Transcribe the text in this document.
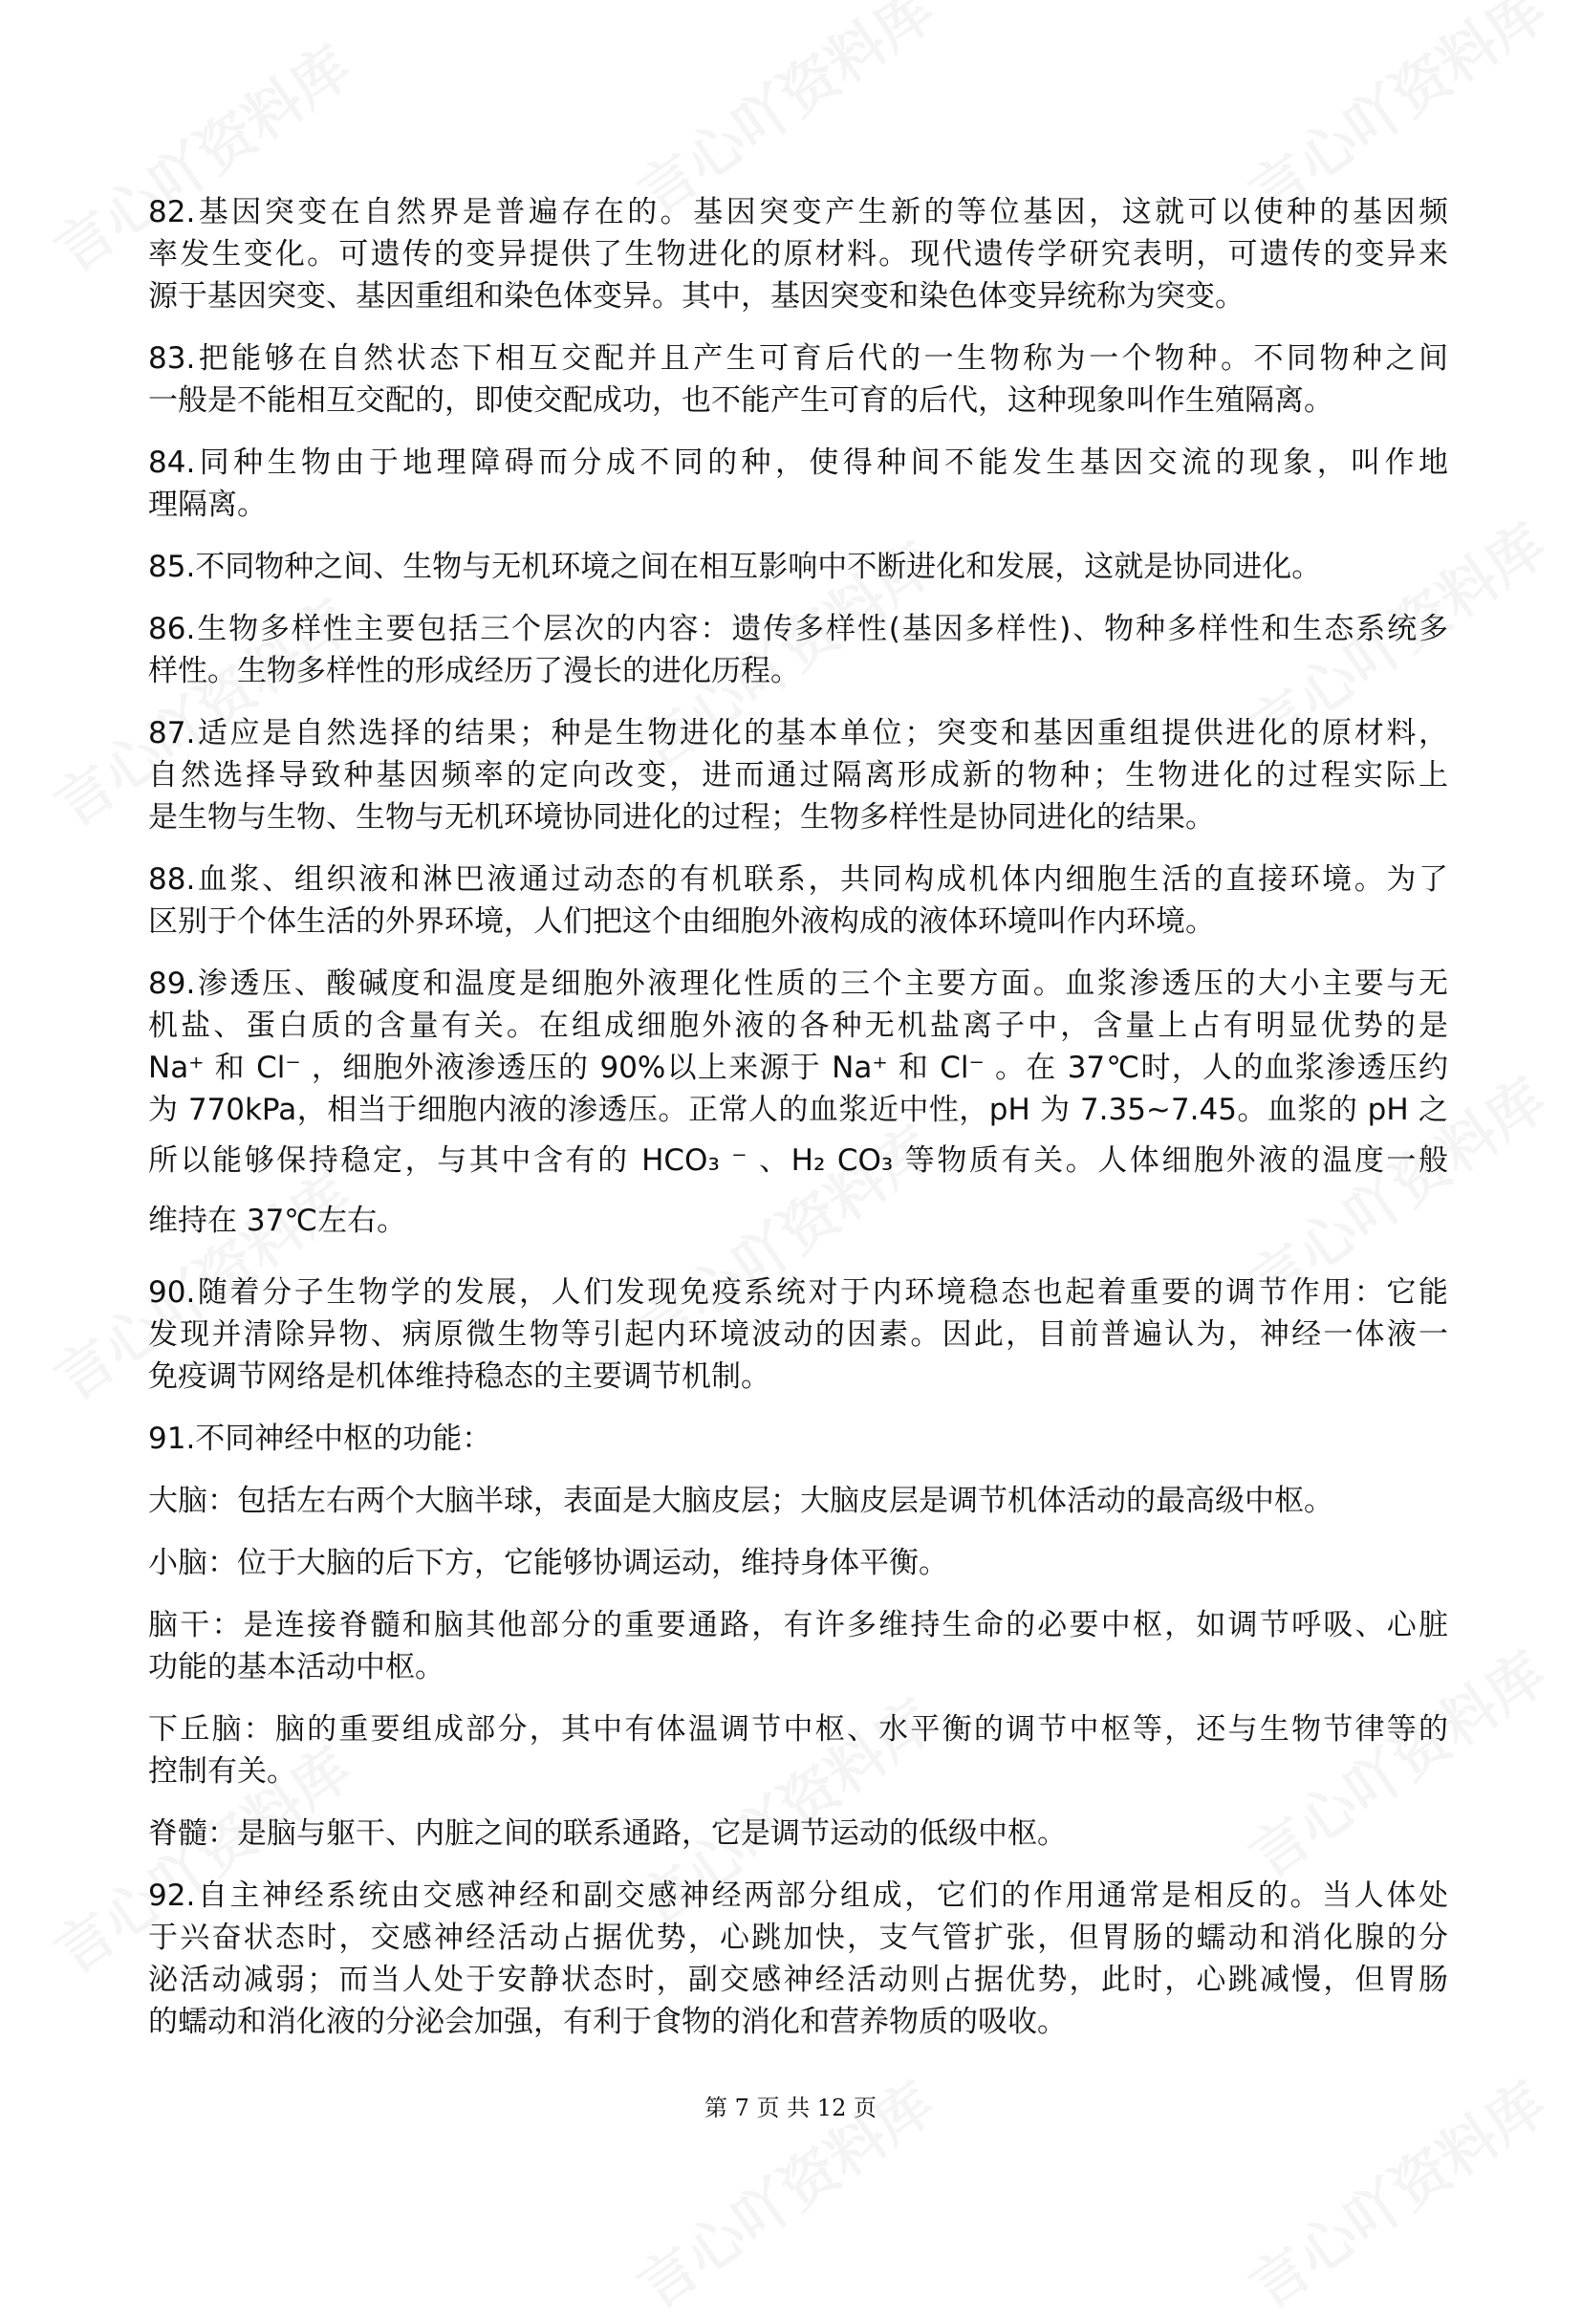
82.基因突变在自然界是普遍存在的。基因突变产生新的等位基因，这就可以使种的基因频
率发生变化。可遗传的变异提供了生物进化的原材料。现代遗传学研究表明，可遗传的变异来
源于基因突变、基因重组和染色体变异。其中，基因突变和染色体变异统称为突变。
83.把能够在自然状态下相互交配并且产生可育后代的一生物称为一个物种。不同物种之间
一般是不能相互交配的，即使交配成功，也不能产生可育的后代，这种现象叫作生殖隔离。
84.同种生物由于地理障碍而分成不同的种，使得种间不能发生基因交流的现象，叫作地
理隔离。
85.不同物种之间、生物与无机环境之间在相互影响中不断进化和发展，这就是协同进化。
86.生物多样性主要包括三个层次的内容：遗传多样性(基因多样性)、物种多样性和生态系统多
样性。生物多样性的形成经历了漫长的进化历程。
87.适应是自然选择的结果；种是生物进化的基本单位；突变和基因重组提供进化的原材料，
自然选择导致种基因频率的定向改变，进而通过隔离形成新的物种；生物进化的过程实际上
是生物与生物、生物与无机环境协同进化的过程；生物多样性是协同进化的结果。
88.血浆、组织液和淋巴液通过动态的有机联系，共同构成机体内细胞生活的直接环境。为了
区别于个体生活的外界环境，人们把这个由细胞外液构成的液体环境叫作内环境。
89.渗透压、酸碱度和温度是细胞外液理化性质的三个主要方面。血浆渗透压的大小主要与无
机盐、蛋白质的含量有关。在组成细胞外液的各种无机盐离子中，含量上占有明显优势的是
Na⁺ 和 Cl⁻ ，细胞外液渗透压的 90%以上来源于 Na⁺ 和 Cl⁻ 。在 37℃时，人的血浆渗透压约
为 770kPa，相当于细胞内液的渗透压。正常人的血浆近中性，pH 为 7.35~7.45。血浆的 pH 之
所以能够保持稳定，与其中含有的 HCO₃ ⁻ 、H₂ CO₃ 等物质有关。人体细胞外液的温度一般
维持在 37℃左右。
90.随着分子生物学的发展，人们发现免疫系统对于内环境稳态也起着重要的调节作用：它能
发现并清除异物、病原微生物等引起内环境波动的因素。因此，目前普遍认为，神经一体液一
免疫调节网络是机体维持稳态的主要调节机制。
91.不同神经中枢的功能：
大脑：包括左右两个大脑半球，表面是大脑皮层；大脑皮层是调节机体活动的最高级中枢。
小脑：位于大脑的后下方，它能够协调运动，维持身体平衡。
脑干：是连接脊髓和脑其他部分的重要通路，有许多维持生命的必要中枢，如调节呼吸、心脏
功能的基本活动中枢。
下丘脑：脑的重要组成部分，其中有体温调节中枢、水平衡的调节中枢等，还与生物节律等的
控制有关。
脊髓：是脑与躯干、内脏之间的联系通路，它是调节运动的低级中枢。
92.自主神经系统由交感神经和副交感神经两部分组成，它们的作用通常是相反的。当人体处
于兴奋状态时，交感神经活动占据优势，心跳加快，支气管扩张，但胃肠的蠕动和消化腺的分
泌活动减弱；而当人处于安静状态时，副交感神经活动则占据优势，此时，心跳减慢，但胃肠
的蠕动和消化液的分泌会加强，有利于食物的消化和营养物质的吸收。
第 7 页 共 12 页
